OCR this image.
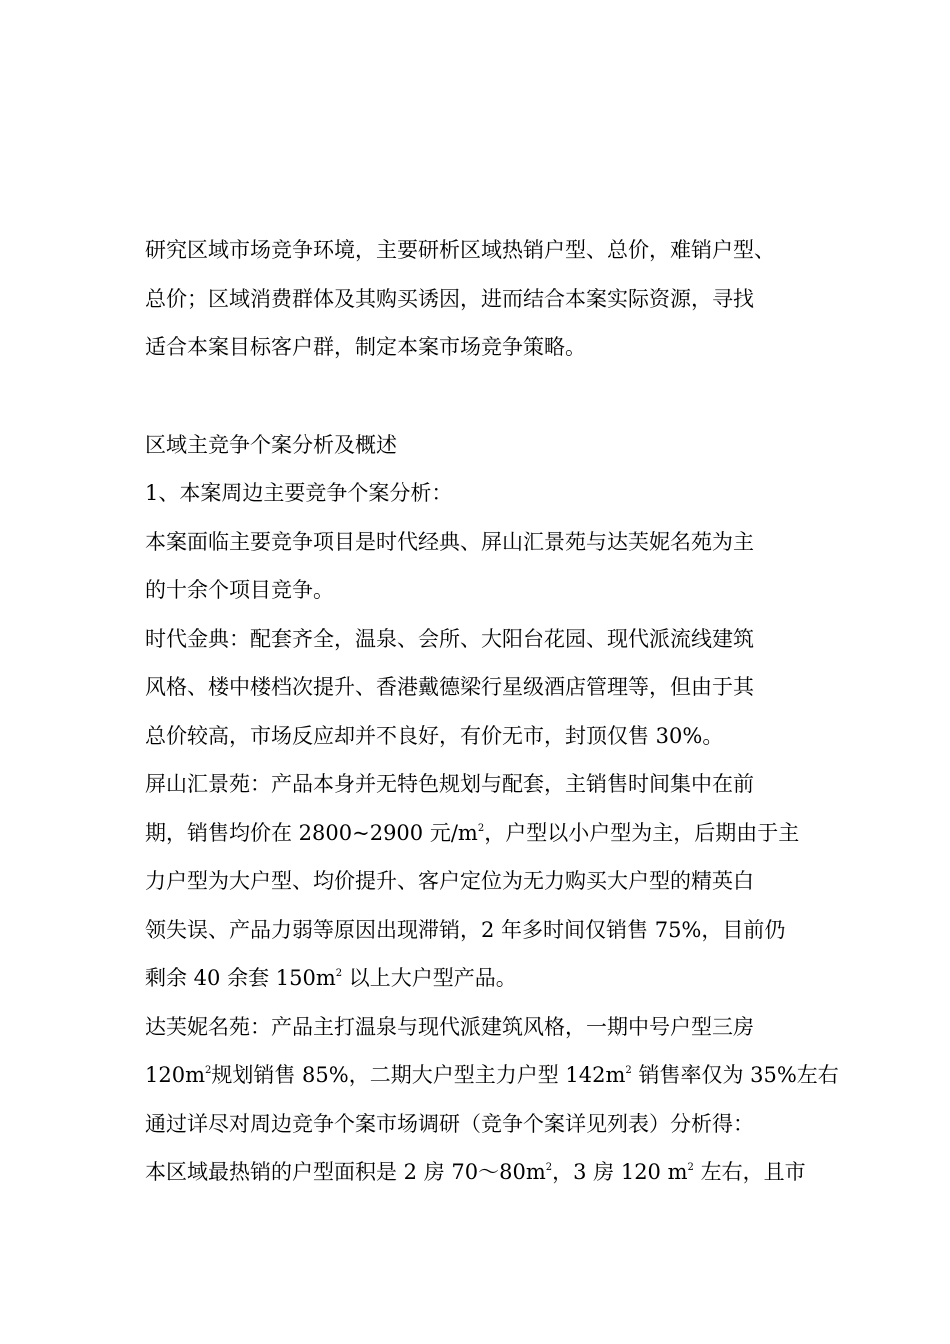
研究区域市场竞争环境，主要研析区域热销户型、总价，难销户型、
总价；区域消费群体及其购买诱因，进而结合本案实际资源，寻找
适合本案目标客户群，制定本案市场竞争策略。
区域主竞争个案分析及概述
1、本案周边主要竞争个案分析：
本案面临主要竞争项目是时代经典、屏山汇景苑与达芙妮名苑为主
的十余个项目竞争。
时代金典：配套齐全，温泉、会所、大阳台花园、现代派流线建筑
风格、楼中楼档次提升、香港戴德梁行星级酒店管理等，但由于其
总价较高，市场反应却并不良好，有价无市，封顶仅售 30%。
屏山汇景苑：产品本身并无特色规划与配套，主销售时间集中在前
期，销售均价在 2800~2900 元$/m^2$，户型以小户型为主，后期由于主
力户型为大户型、均价提升、客户定位为无力购买大户型的精英白
领失误、产品力弱等原因出现滞销，2 年多时间仅销售 75%，目前仍
剩余 40 余套 $150m^2$ 以上大户型产品。
达芙妮名苑：产品主打温泉与现代派建筑风格，一期中号户型三房
$120m^2$规划销售 85%，二期大户型主力户型 $142m^2$ 销售率仅为 35%左右
通过详尽对周边竞争个案市场调研（竞争个案详见列表）分析得：
本区域最热销的户型面积是 2 房 $70\sim 80m^2$，3 房 120 $m^2$ 左右，且市
